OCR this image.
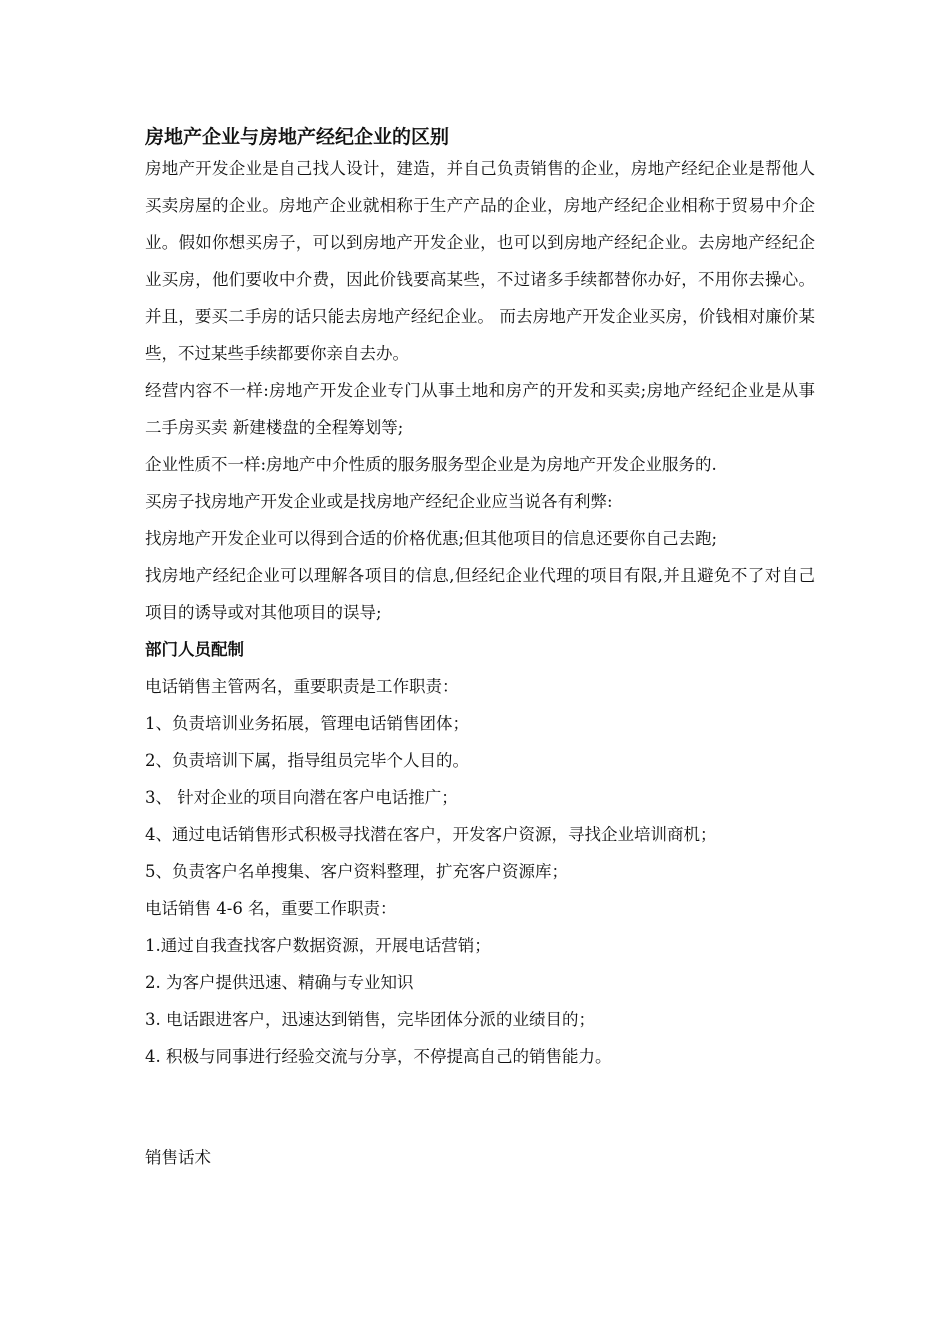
房地产企业与房地产经纪企业的区别

房地产开发企业是自己找人设计，建造，并自己负责销售的企业，房地产经纪企业是帮他人买卖房屋的企业。房地产企业就相称于生产产品的企业，房地产经纪企业相称于贸易中介企业。假如你想买房子，可以到房地产开发企业，也可以到房地产经纪企业。去房地产经纪企业买房，他们要收中介费，因此价钱要高某些，不过诸多手续都替你办好，不用你去操心。并且，要买二手房的话只能去房地产经纪企业。 而去房地产开发企业买房，价钱相对廉价某些，不过某些手续都要你亲自去办。

经营内容不一样:房地产开发企业专门从事土地和房产的开发和买卖;房地产经纪企业是从事二手房买卖 新建楼盘的全程筹划等;

企业性质不一样:房地产中介性质的服务服务型企业是为房地产开发企业服务的.

买房子找房地产开发企业或是找房地产经纪企业应当说各有利弊:

找房地产开发企业可以得到合适的价格优惠;但其他项目的信息还要你自己去跑;

找房地产经纪企业可以理解各项目的信息,但经纪企业代理的项目有限,并且避免不了对自己项目的诱导或对其他项目的误导;

部门人员配制

电话销售主管两名，重要职责是工作职责：

1、负责培训业务拓展，管理电话销售团体；

2、负责培训下属，指导组员完毕个人目的。

3、 针对企业的项目向潜在客户电话推广；

4、通过电话销售形式积极寻找潜在客户，开发客户资源，寻找企业培训商机；

5、负责客户名单搜集、客户资料整理，扩充客户资源库；

电话销售 4-6 名，重要工作职责：

1.通过自我查找客户数据资源，开展电话营销；

2. 为客户提供迅速、精确与专业知识

3. 电话跟进客户，迅速达到销售，完毕团体分派的业绩目的；

4. 积极与同事进行经验交流与分享，不停提高自己的销售能力。

销售话术
